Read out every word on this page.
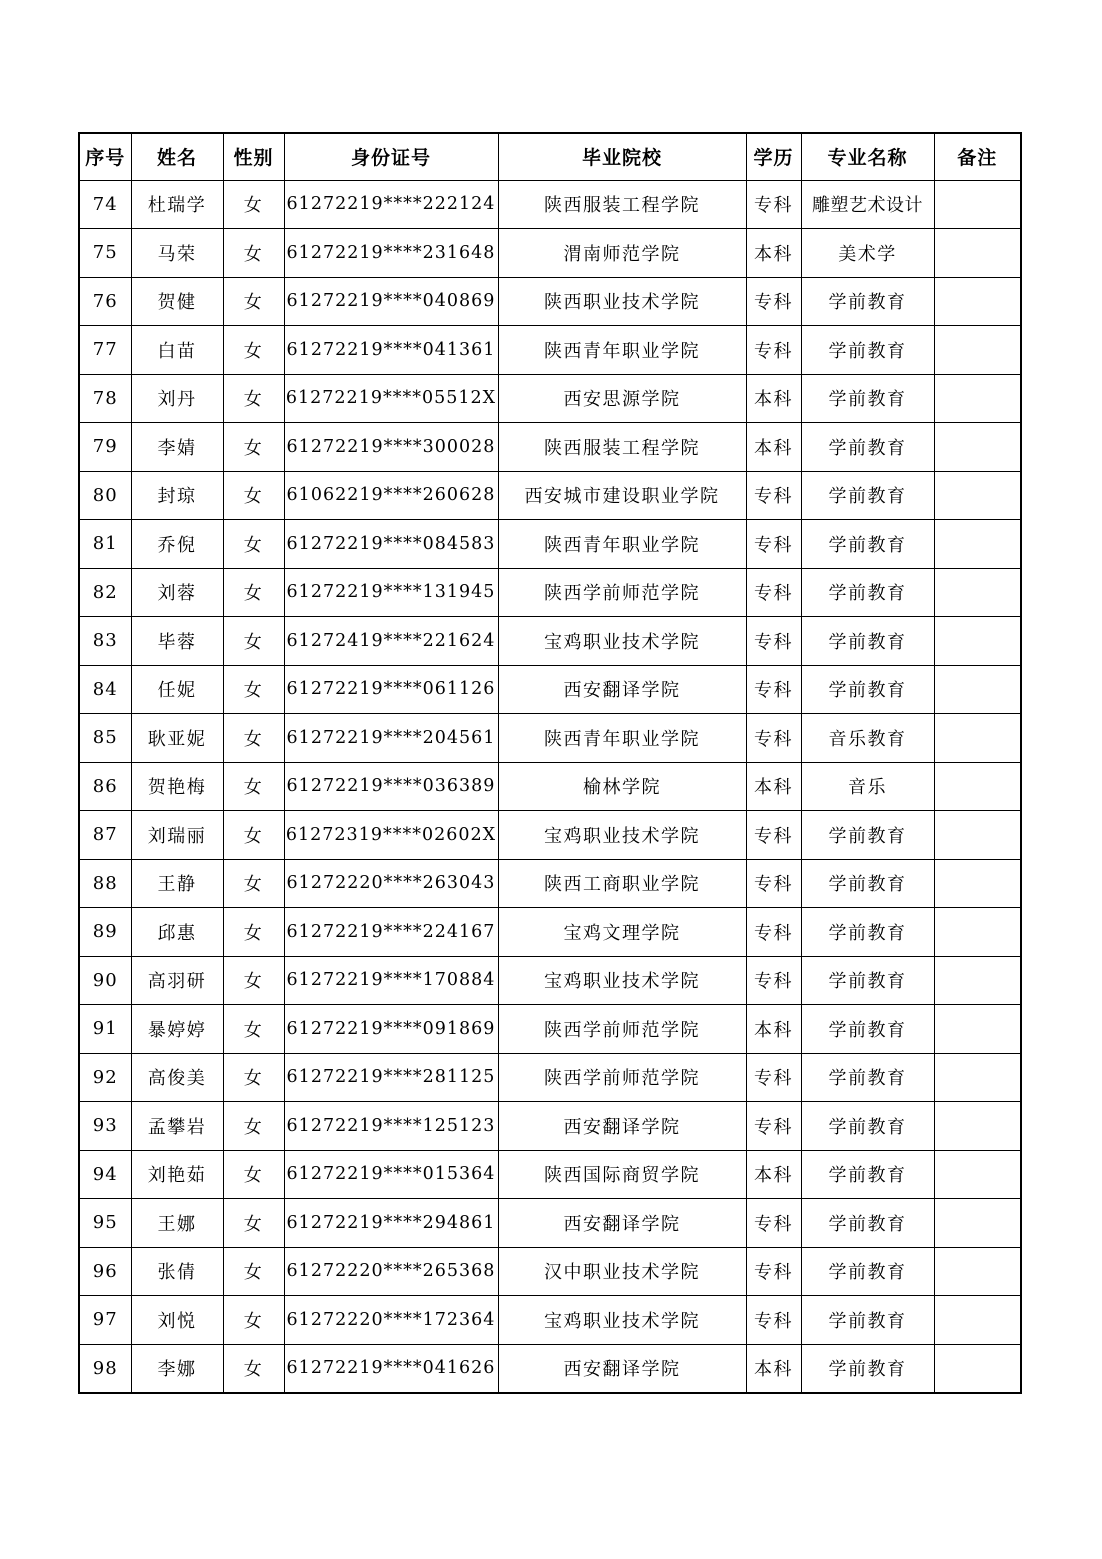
序号	姓名	性别	身份证号	毕业院校	学历	专业名称	备注
74	杜瑞学	女	61272219****222124	陕西服装工程学院	专科	雕塑艺术设计	
75	马荣	女	61272219****231648	渭南师范学院	本科	美术学	
76	贺健	女	61272219****040869	陕西职业技术学院	专科	学前教育	
77	白苗	女	61272219****041361	陕西青年职业学院	专科	学前教育	
78	刘丹	女	61272219****05512X	西安思源学院	本科	学前教育	
79	李婧	女	61272219****300028	陕西服装工程学院	本科	学前教育	
80	封琼	女	61062219****260628	西安城市建设职业学院	专科	学前教育	
81	乔倪	女	61272219****084583	陕西青年职业学院	专科	学前教育	
82	刘蓉	女	61272219****131945	陕西学前师范学院	专科	学前教育	
83	毕蓉	女	61272419****221624	宝鸡职业技术学院	专科	学前教育	
84	任妮	女	61272219****061126	西安翻译学院	专科	学前教育	
85	耿亚妮	女	61272219****204561	陕西青年职业学院	专科	音乐教育	
86	贺艳梅	女	61272219****036389	榆林学院	本科	音乐	
87	刘瑞丽	女	61272319****02602X	宝鸡职业技术学院	专科	学前教育	
88	王静	女	61272220****263043	陕西工商职业学院	专科	学前教育	
89	邱惠	女	61272219****224167	宝鸡文理学院	专科	学前教育	
90	高羽研	女	61272219****170884	宝鸡职业技术学院	专科	学前教育	
91	暴婷婷	女	61272219****091869	陕西学前师范学院	本科	学前教育	
92	高俊美	女	61272219****281125	陕西学前师范学院	专科	学前教育	
93	孟攀岩	女	61272219****125123	西安翻译学院	专科	学前教育	
94	刘艳茹	女	61272219****015364	陕西国际商贸学院	本科	学前教育	
95	王娜	女	61272219****294861	西安翻译学院	专科	学前教育	
96	张倩	女	61272220****265368	汉中职业技术学院	专科	学前教育	
97	刘悦	女	61272220****172364	宝鸡职业技术学院	专科	学前教育	
98	李娜	女	61272219****041626	西安翻译学院	本科	学前教育	
